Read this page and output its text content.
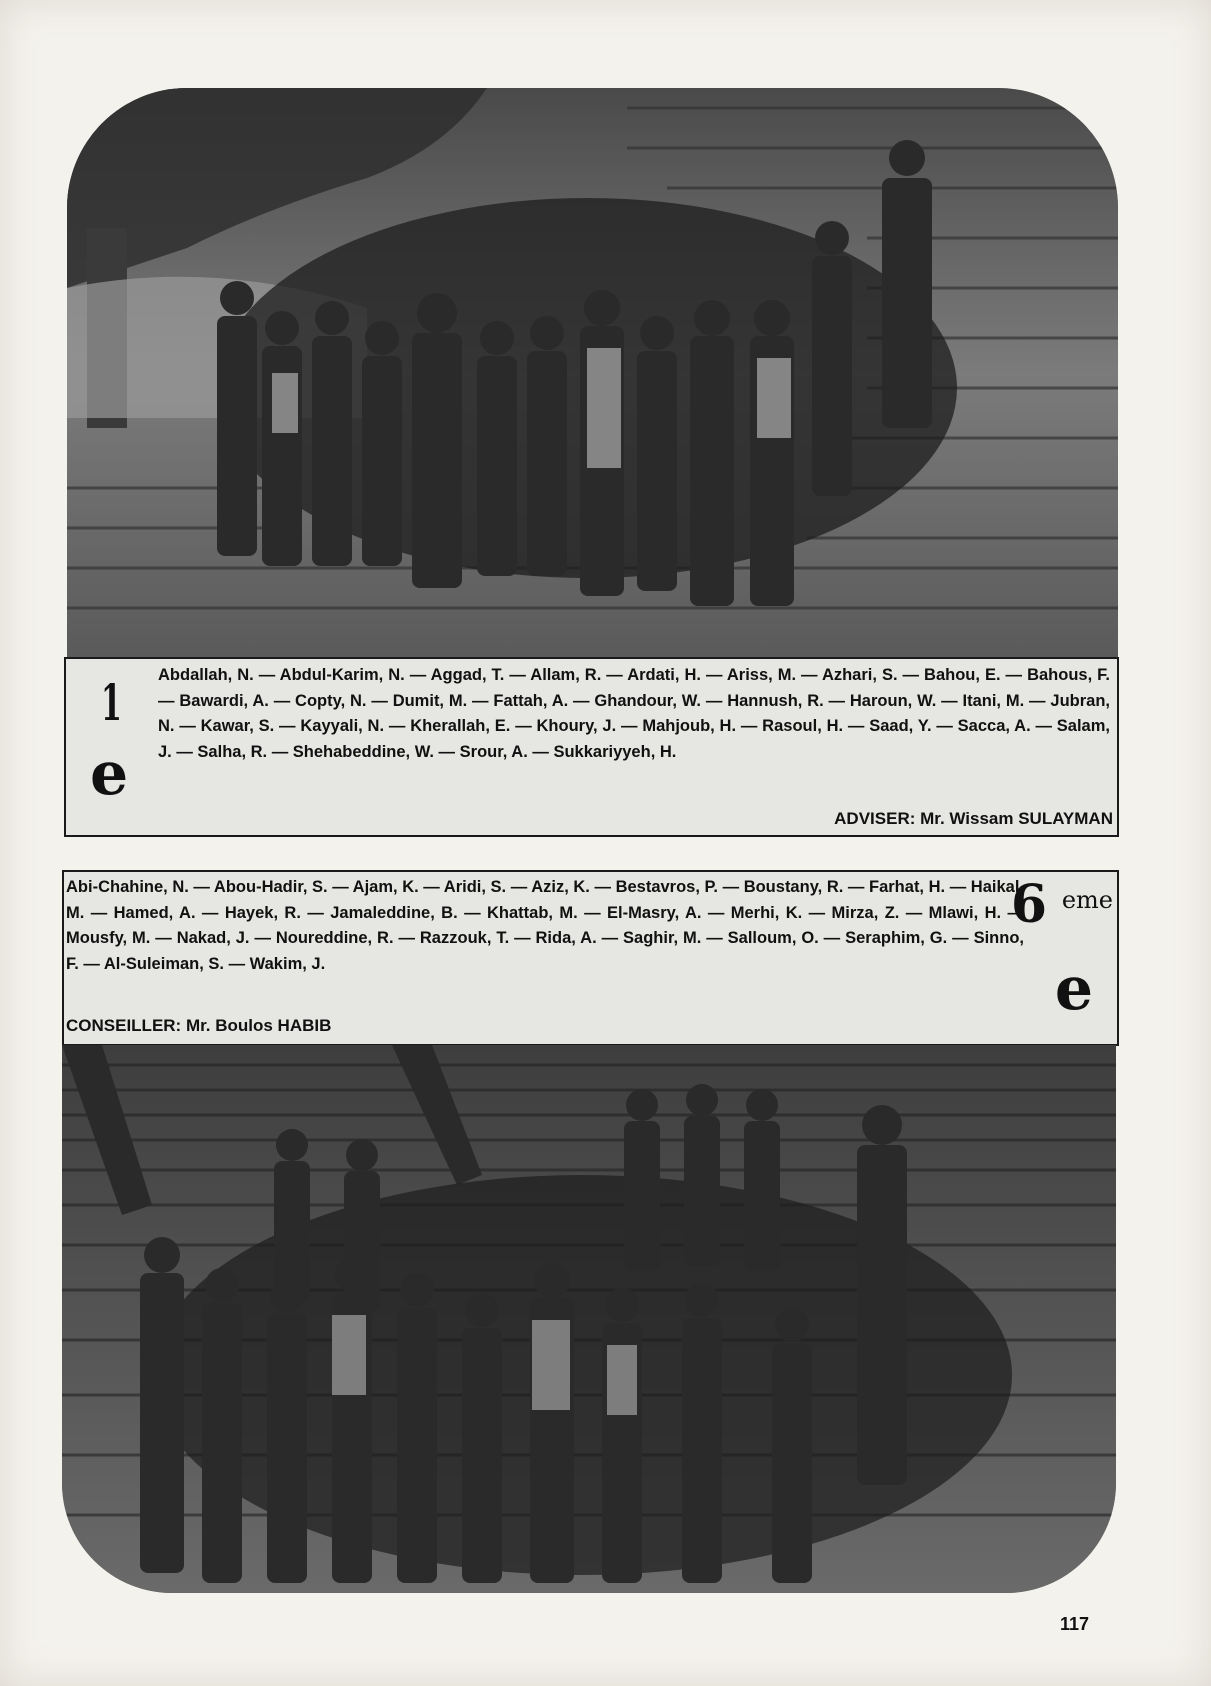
1
e
Abdallah, N. — Abdul-Karim, N. — Aggad, T. — Allam, R. — Ardati, H. — Ariss, M. — Azhari, S. — Bahou, E. — Bahous, F. — Bawardi, A. — Copty, N. — Dumit, M. — Fattah, A. — Ghandour, W. — Hannush, R. — Haroun, W. — Itani, M. — Jubran, N. — Kawar, S. — Kayyali, N. — Kherallah, E. — Khoury, J. — Mahjoub, H. — Rasoul, H. — Saad, Y. — Sacca, A. — Salam, J. — Salha, R. — Shehabeddine, W. — Srour, A. — Sukkariyyeh, H.
ADVISER: Mr. Wissam SULAYMAN
Abi-Chahine, N. — Abou-Hadir, S. — Ajam, K. — Aridi, S. — Aziz, K. — Bestavros, P. — Boustany, R. — Farhat, H. — Haikal, M. — Hamed, A. — Hayek, R. — Jamaleddine, B. — Khattab, M. — El-Masry, A. — Merhi, K. — Mirza, Z. — Mlawi, H. — Mousfy, M. — Nakad, J. — Noureddine, R. — Razzouk, T. — Rida, A. — Saghir, M. — Salloum, O. — Seraphim, G. — Sinno, F. — Al-Suleiman, S. — Wakim, J.
CONSEILLER: Mr. Boulos HABIB
6 eme
e
117
